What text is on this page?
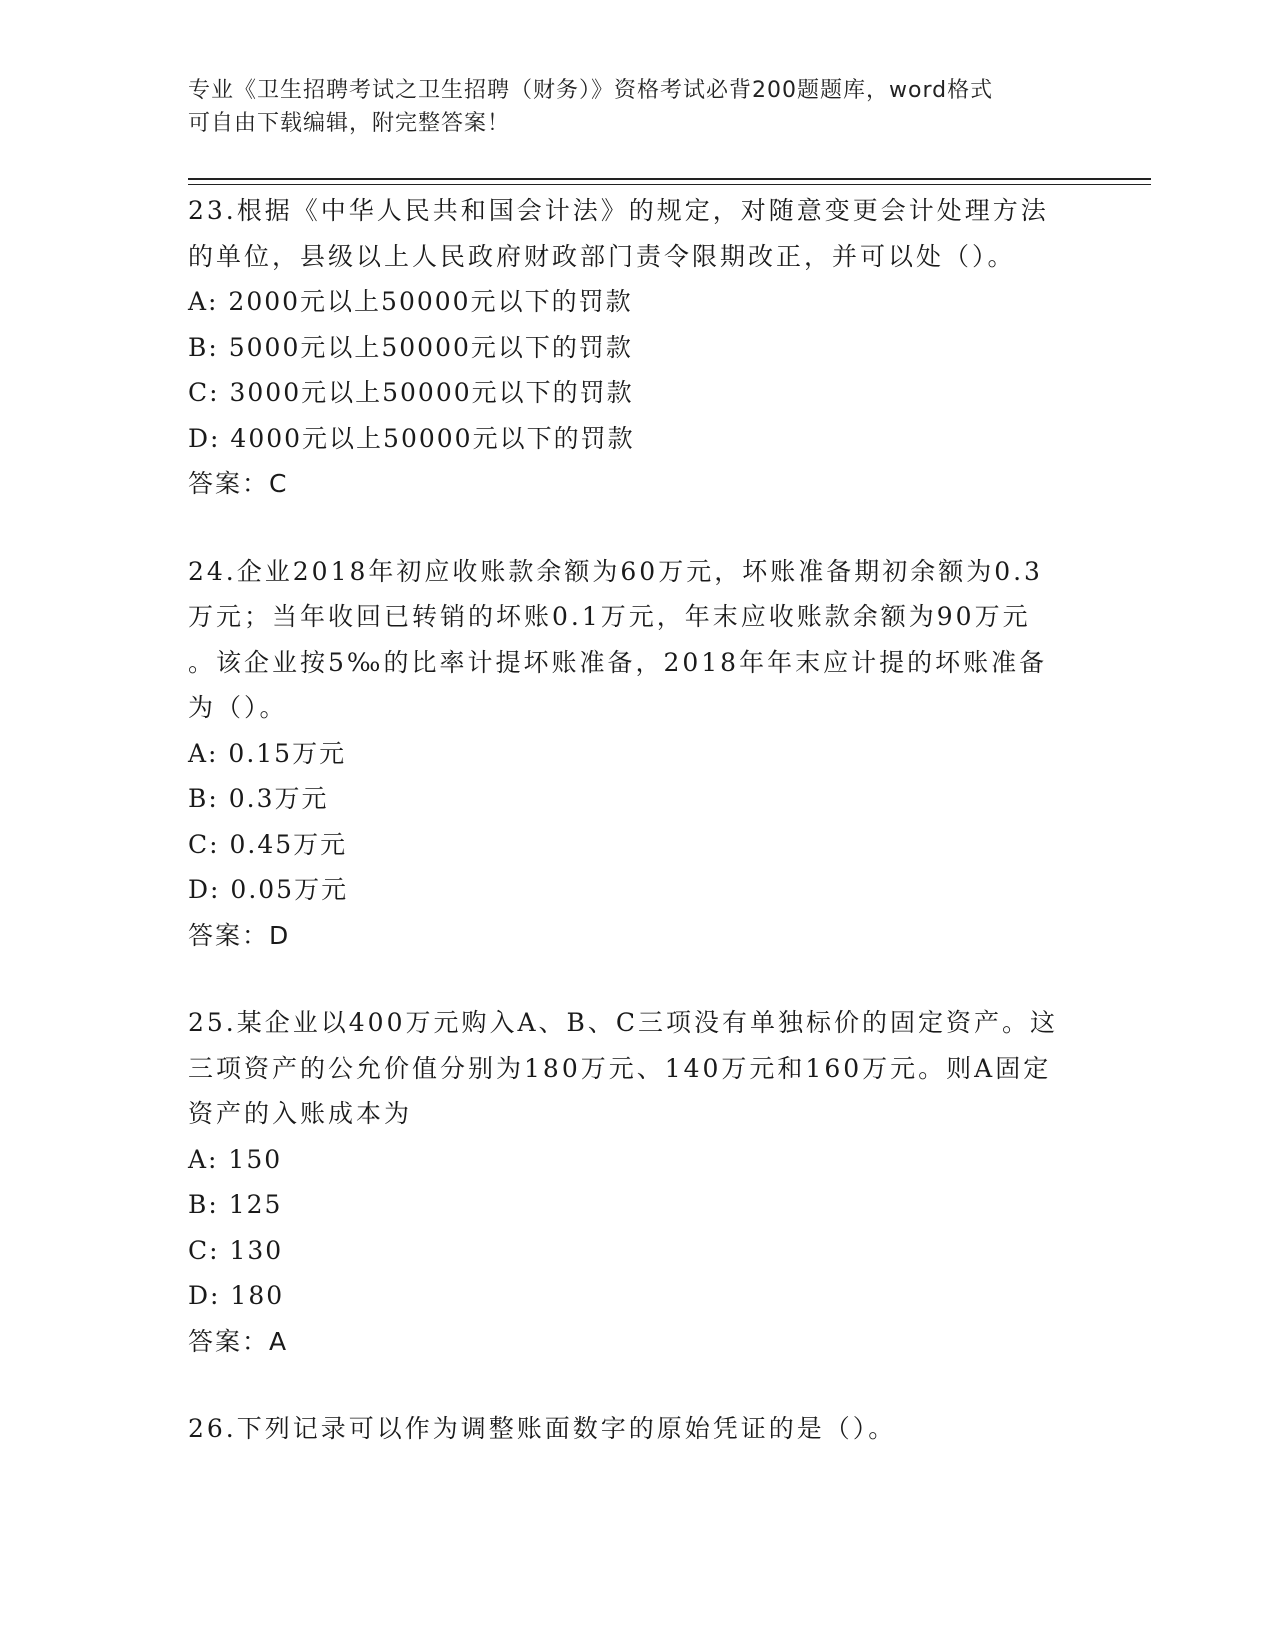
专业《卫生招聘考试之卫生招聘（财务）》资格考试必背200题题库，word格式
可自由下载编辑，附完整答案！

23.根据《中华人民共和国会计法》的规定，对随意变更会计处理方法

的单位，县级以上人民政府财政部门责令限期改正，并可以处（）。

A: 2000元以上50000元以下的罚款

B: 5000元以上50000元以下的罚款

C: 3000元以上50000元以下的罚款

D: 4000元以上50000元以下的罚款

答案：C

24.企业2018年初应收账款余额为60万元，坏账准备期初余额为0.3

万元；当年收回已转销的坏账0.1万元，年末应收账款余额为90万元

。该企业按5‰的比率计提坏账准备，2018年年末应计提的坏账准备

为（）。

A: 0.15万元

B: 0.3万元

C: 0.45万元

D: 0.05万元

答案：D

25.某企业以400万元购入A、B、C三项没有单独标价的固定资产。这

三项资产的公允价值分别为180万元、140万元和160万元。则A固定

资产的入账成本为

A: 150

B: 125

C: 130

D: 180

答案：A

26.下列记录可以作为调整账面数字的原始凭证的是（）。
